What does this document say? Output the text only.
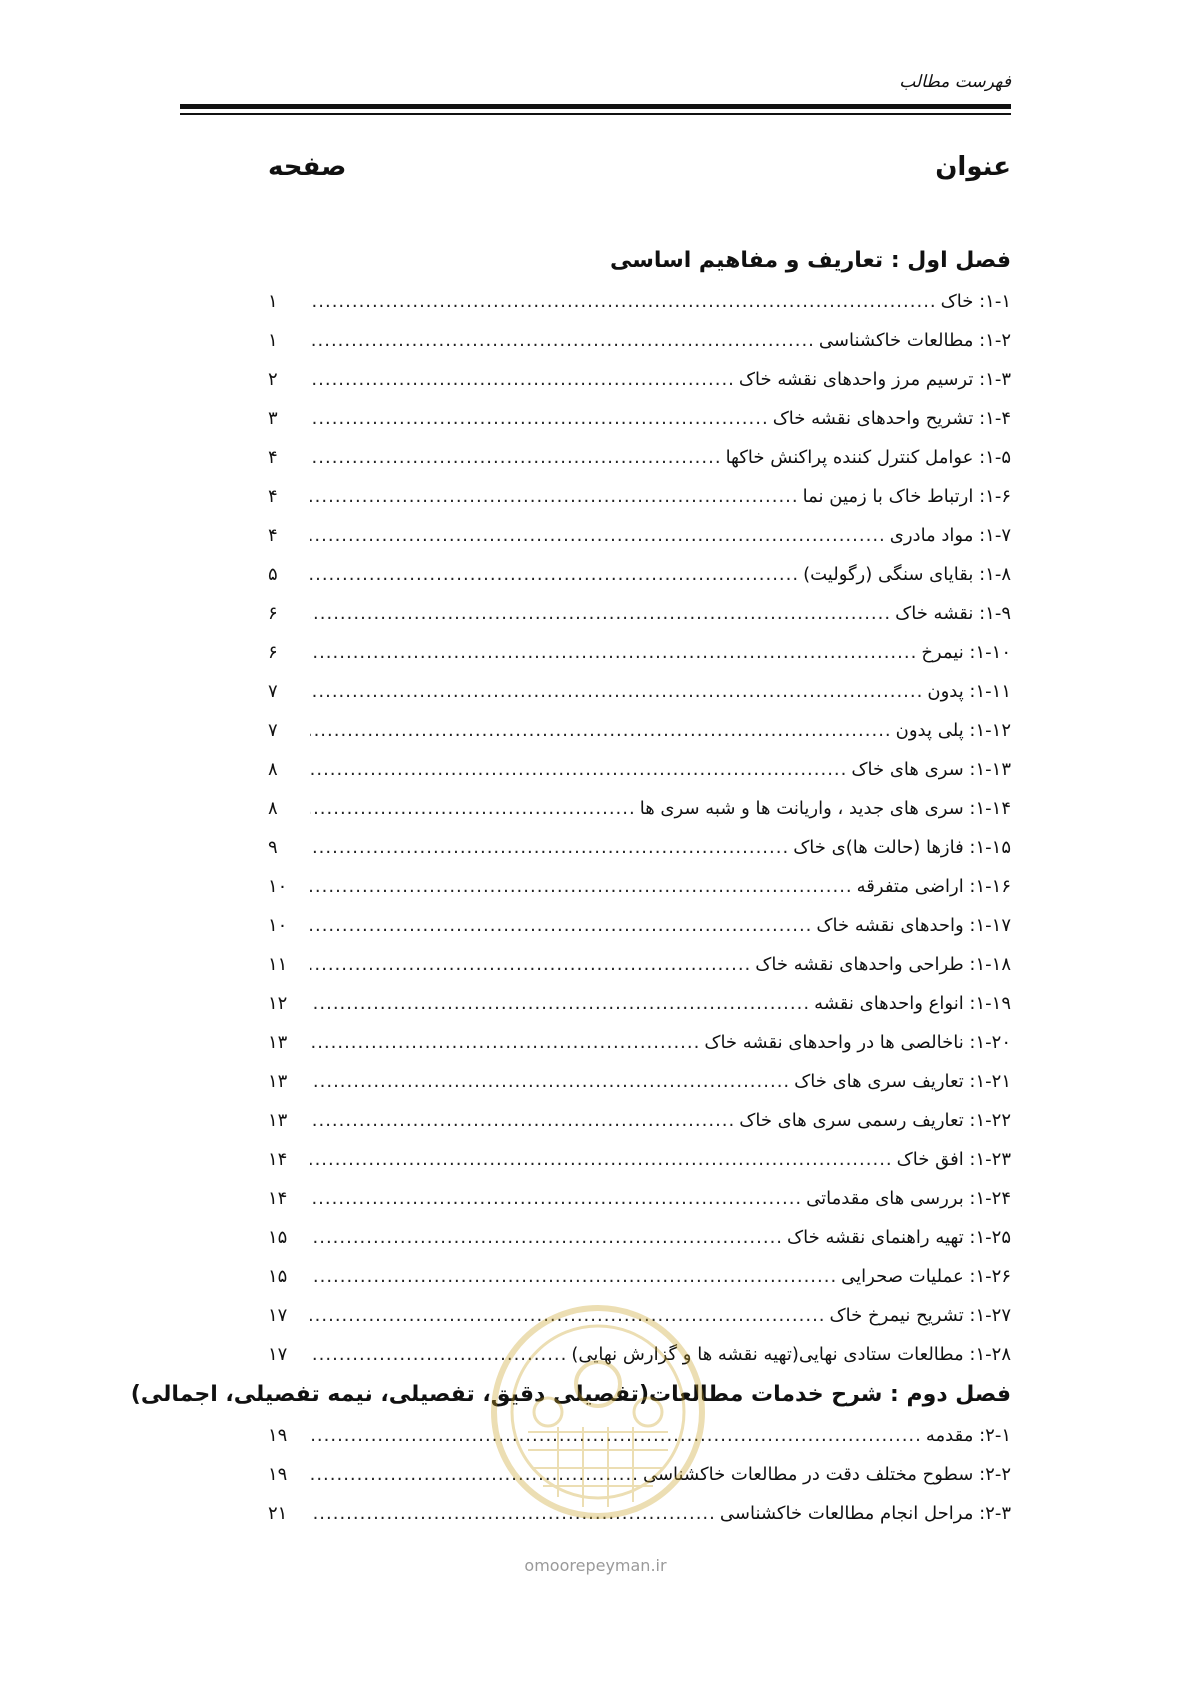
فهرست مطالب
عنوان
صفحه
فصل اول : تعاریف و مفاهیم اساسی
۱-۱: خاک
.....
۱
۱-۲: مطالعات خاکشناسی
.....
۱
۱-۳: ترسیم مرز واحدهای نقشه خاک
.....
۲
۱-۴: تشریح واحدهای نقشه خاک
.....
۳
۱-۵: عوامل کنترل کننده پراکنش خاکها
.....
۴
۱-۶: ارتباط خاک با زمین نما
.....
۴
۱-۷: مواد مادری
.....
۴
۱-۸: بقایای سنگی (رگولیت)
.....
۵
۱-۹: نقشه خاک
.....
۶
۱-۱۰: نیمرخ
.....
۶
۱-۱۱: پدون
.....
۷
۱-۱۲: پلی پدون
.....
۷
۱-۱۳: سری های خاک
.....
۸
۱-۱۴: سری های جدید ، واریانت ها و شبه سری ها
.....
۸
۱-۱۵: فازها (حالت ها)ی خاک
.....
۹
۱-۱۶: اراضی متفرقه
.....
۱۰
۱-۱۷: واحدهای نقشه خاک
.....
۱۰
۱-۱۸: طراحی واحدهای نقشه خاک
.....
۱۱
۱-۱۹: انواع واحدهای نقشه
.....
۱۲
۱-۲۰: ناخالصی ها در واحدهای نقشه خاک
.....
۱۳
۱-۲۱: تعاریف سری های خاک
.....
۱۳
۱-۲۲: تعاریف رسمی سری های خاک
.....
۱۳
۱-۲۳: افق خاک
.....
۱۴
۱-۲۴: بررسی های مقدماتی
.....
۱۴
۱-۲۵: تهیه راهنمای نقشه خاک
.....
۱۵
۱-۲۶: عملیات صحرایی
.....
۱۵
۱-۲۷: تشریح نیمرخ خاک
.....
۱۷
۱-۲۸: مطالعات ستادی نهایی(تهیه نقشه ها و گزارش نهایی)
.....
۱۷
فصل دوم : شرح خدمات مطالعات(تفصیلی دقیق، تفصیلی، نیمه تفصیلی، اجمالی)
۲-۱: مقدمه
.....
۱۹
۲-۲: سطوح مختلف دقت در مطالعات خاکشناسی
.....
۱۹
۲-۳: مراحل انجام مطالعات خاکشناسی
.....
۲۱
omoorepeyman.ir
